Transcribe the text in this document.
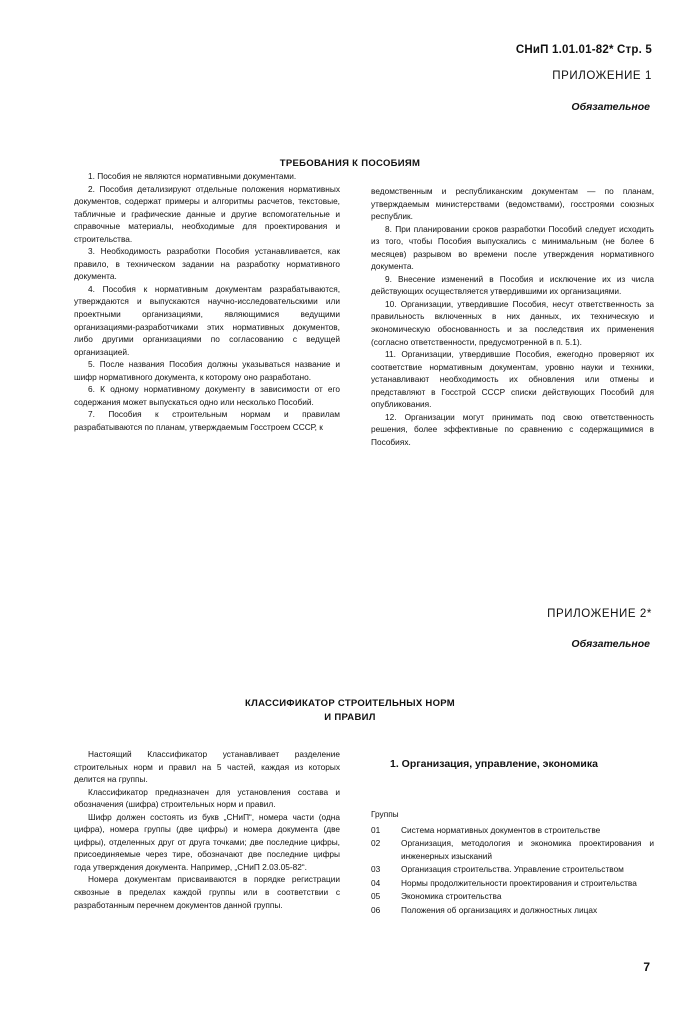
СНиП 1.01.01-82* Стр. 5
ПРИЛОЖЕНИЕ 1
Обязательное
ТРЕБОВАНИЯ К ПОСОБИЯМ

1. Пособия не являются нормативными документами.

2. Пособия детализируют отдельные положения нормативных документов, содержат примеры и алгоритмы расчетов, текстовые, табличные и графические данные и другие вспомогательные и справочные материалы, необходимые для проектирования и строительства.

3. Необходимость разработки Пособия устанавливается, как правило, в техническом задании на разработку нормативного документа.

4. Пособия к нормативным документам разрабатываются, утверждаются и выпускаются научно-исследовательскими или проектными организациями, являющимися ведущими организациями-разработчиками этих нормативных документов, либо другими организациями по согласованию с ведущей организацией.

5. После названия Пособия должны указываться название и шифр нормативного документа, к которому оно разработано.

6. К одному нормативному документу в зависимости от его содержания может выпускаться одно или несколько Пособий.

7. Пособия к строительным нормам и правилам разрабатываются по планам, утверждаемым Госстроем СССР, к

ведомственным и республиканским документам — по планам, утверждаемым министерствами (ведомствами), госстроями союзных республик.

8. При планировании сроков разработки Пособий следует исходить из того, чтобы Пособия выпускались с минимальным (не более 6 месяцев) разрывом во времени после утверждения нормативного документа.

9. Внесение изменений в Пособия и исключение их из числа действующих осуществляется утвердившими их организациями.

10. Организации, утвердившие Пособия, несут ответственность за правильность включенных в них данных, их техническую и экономическую обоснованность и за последствия их применения (согласно ответственности, предусмотренной в п. 5.1).

11. Организации, утвердившие Пособия, ежегодно проверяют их соответствие нормативным документам, уровню науки и техники, устанавливают необходимость их обновления или отмены и представляют в Госстрой СССР списки действующих Пособий для опубликования.

12. Организации могут принимать под свою ответственность решения, более эффективные по сравнению с содержащимися в Пособиях.

ПРИЛОЖЕНИЕ 2*
Обязательное
КЛАССИФИКАТОР СТРОИТЕЛЬНЫХ НОРМ
И ПРАВИЛ

Настоящий Классификатор устанавливает разделение строительных норм и правил на 5 частей, каждая из которых делится на группы.

Классификатор предназначен для установления состава и обозначения (шифра) строительных норм и правил.

Шифр должен состоять из букв „СНиП“, номера части (одна цифра), номера группы (две цифры) и номера документа (две цифры), отделенных друг от друга точками; две последние цифры, присоединяемые через тире, обозначают две последние цифры года утверждения документа. Например, „СНиП 2.03.05-82“.

Номера документам присваиваются в порядке регистрации сквозные в пределах каждой группы или в соответствии с разработанным перечнем документов данной группы.

1. Организация, управление, экономика
Группы
01	Система нормативных документов в строительстве
02	Организация, методология и экономика проектирования и инженерных изысканий
03	Организация строительства. Управление строительством
04	Нормы продолжительности проектирования и строительства
05	Экономика строительства
06	Положения об организациях и должностных лицах
7
